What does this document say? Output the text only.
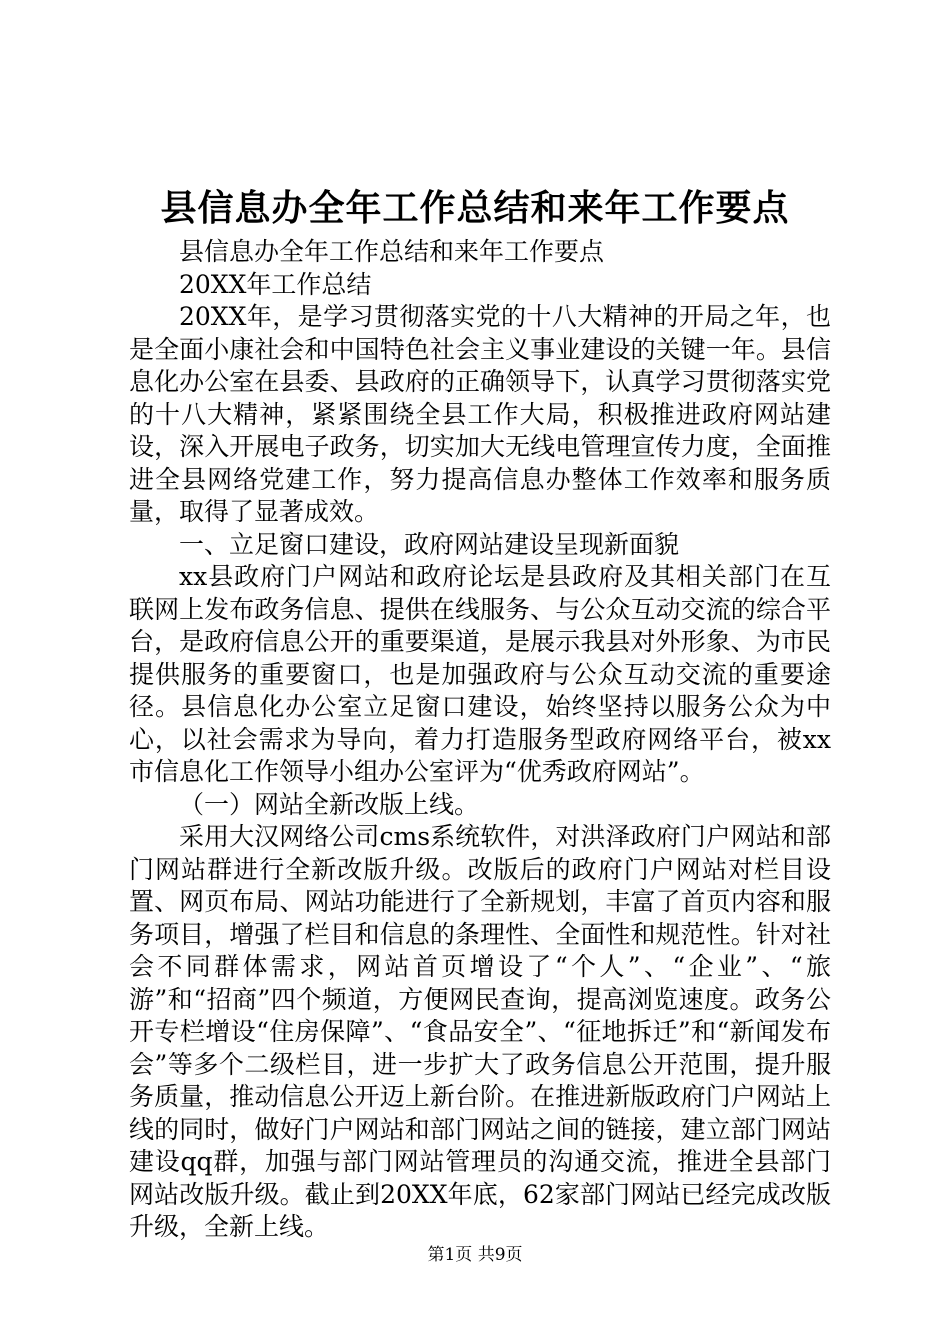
县信息办全年工作总结和来年工作要点

县信息办全年工作总结和来年工作要点

20XX年工作总结

20XX年，是学习贯彻落实党的十八大精神的开局之年，也是全面小康社会和中国特色社会主义事业建设的关键一年。县信息化办公室在县委、县政府的正确领导下，认真学习贯彻落实党的十八大精神，紧紧围绕全县工作大局，积极推进政府网站建设，深入开展电子政务，切实加大无线电管理宣传力度，全面推进全县网络党建工作，努力提高信息办整体工作效率和服务质量，取得了显著成效。

一、立足窗口建设，政府网站建设呈现新面貌

xx县政府门户网站和政府论坛是县政府及其相关部门在互联网上发布政务信息、提供在线服务、与公众互动交流的综合平台，是政府信息公开的重要渠道，是展示我县对外形象、为市民提供服务的重要窗口，也是加强政府与公众互动交流的重要途径。县信息化办公室立足窗口建设，始终坚持以服务公众为中心，以社会需求为导向，着力打造服务型政府网络平台，被xx市信息化工作领导小组办公室评为“优秀政府网站”。

（一）网站全新改版上线。

采用大汉网络公司cms系统软件，对洪泽政府门户网站和部门网站群进行全新改版升级。改版后的政府门户网站对栏目设置、网页布局、网站功能进行了全新规划，丰富了首页内容和服务项目，增强了栏目和信息的条理性、全面性和规范性。针对社会不同群体需求，网站首页增设了“个人”、“企业”、“旅游”和“招商”四个频道，方便网民查询，提高浏览速度。政务公开专栏增设“住房保障”、“食品安全”、“征地拆迁”和“新闻发布会”等多个二级栏目，进一步扩大了政务信息公开范围，提升服务质量，推动信息公开迈上新台阶。在推进新版政府门户网站上线的同时，做好门户网站和部门网站之间的链接，建立部门网站建设qq群，加强与部门网站管理员的沟通交流，推进全县部门网站改版升级。截止到20XX年底，62家部门网站已经完成改版升级，全新上线。

第1页 共9页
